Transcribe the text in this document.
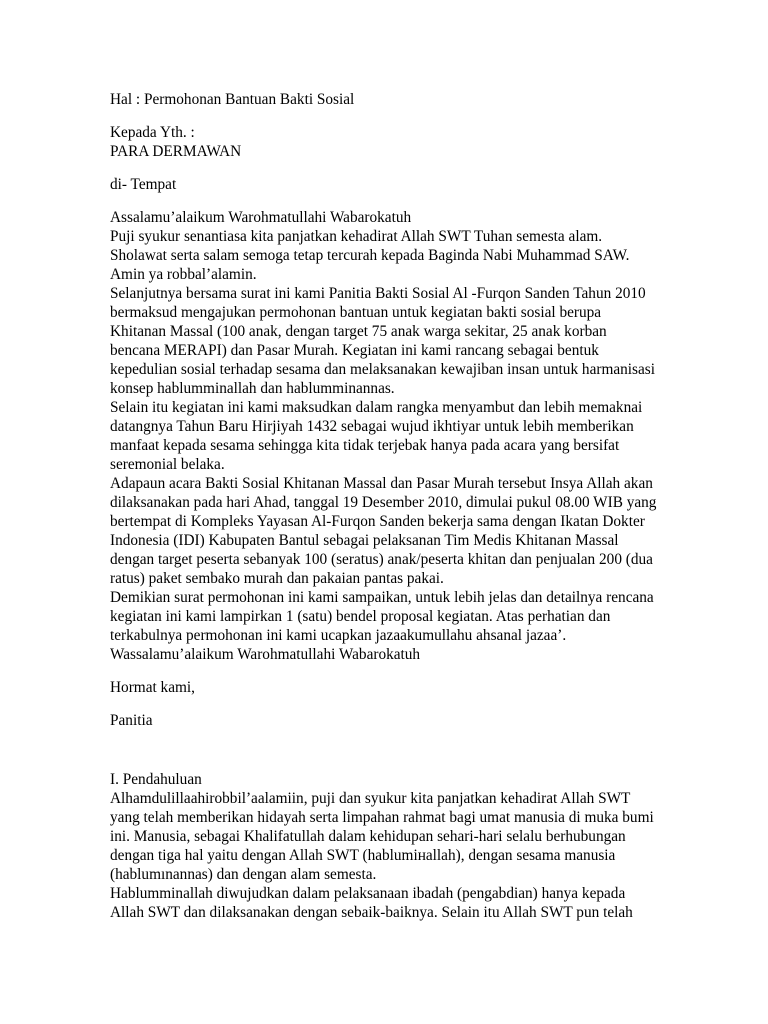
Hal : Permohonan Bantuan Bakti Sosial
Kepada Yth. :
PARA DERMAWAN
di- Tempat
Assalamu’alaikum Warohmatullahi Wabarokatuh
Puji syukur senantiasa kita panjatkan kehadirat Allah SWT Tuhan semesta alam.
Sholawat serta salam semoga tetap tercurah kepada Baginda Nabi Muhammad SAW.
Amin ya robbal’alamin.
Selanjutnya bersama surat ini kami Panitia Bakti Sosial Al -Furqon Sanden Tahun 2010
bermaksud mengajukan permohonan bantuan untuk kegiatan bakti sosial berupa
Khitanan Massal (100 anak, dengan target 75 anak warga sekitar, 25 anak korban
bencana MERAPI) dan Pasar Murah. Kegiatan ini kami rancang sebagai bentuk
kepedulian sosial terhadap sesama dan melaksanakan kewajiban insan untuk harmanisasi
konsep hablumminallah dan hablumminannas.
Selain itu kegiatan ini kami maksudkan dalam rangka menyambut dan lebih memaknai
datangnya Tahun Baru Hirjiyah 1432 sebagai wujud ikhtiyar untuk lebih memberikan
manfaat kepada sesama sehingga kita tidak terjebak hanya pada acara yang bersifat
seremonial belaka.
Adapaun acara Bakti Sosial Khitanan Massal dan Pasar Murah tersebut Insya Allah akan
dilaksanakan pada hari Ahad, tanggal 19 Desember 2010, dimulai pukul 08.00 WIB yang
bertempat di Kompleks Yayasan Al-Furqon Sanden bekerja sama dengan Ikatan Dokter
Indonesia (IDI) Kabupaten Bantul sebagai pelaksanan Tim Medis Khitanan Massal
dengan target peserta sebanyak 100 (seratus) anak/peserta khitan dan penjualan 200 (dua
ratus) paket sembako murah dan pakaian pantas pakai.
Demikian surat permohonan ini kami sampaikan, untuk lebih jelas dan detailnya rencana
kegiatan ini kami lampirkan 1 (satu) bendel proposal kegiatan. Atas perhatian dan
terkabulnya permohonan ini kami ucapkan jazaakumullahu ahsanal jazaa’.
Wassalamu’alaikum Warohmatullahi Wabarokatuh
Hormat kami,
Panitia
I. Pendahuluan
Alhamdulillaahirobbil’aalamiin, puji dan syukur kita panjatkan kehadirat Allah SWT
yang telah memberikan hidayah serta limpahan rahmat bagi umat manusia di muka bumi
ini. Manusia, sebagai Khalifatullah dalam kehidupan sehari-hari selalu berhubungan
dengan tiga hal yaitu dengan Allah SWT (hablumінallah), dengan sesama manusia
(hablumınannas) dan dengan alam semesta.
Hablumminallah diwujudkan dalam pelaksanaan ibadah (pengabdian) hanya kepada
Allah SWT dan dilaksanakan dengan sebaik-baiknya. Selain itu Allah SWT pun telah
